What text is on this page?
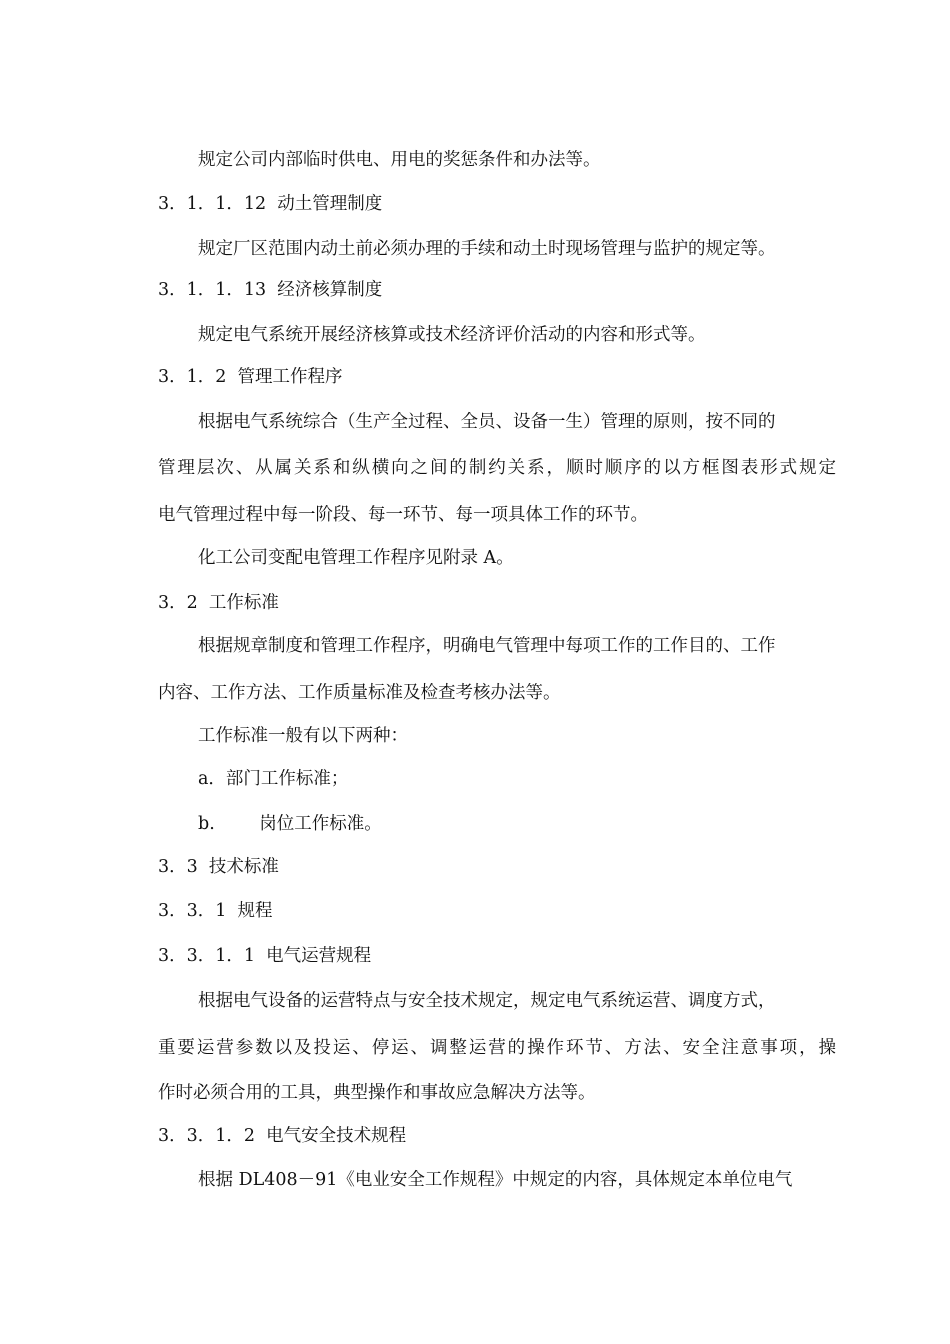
规定公司内部临时供电、用电的奖惩条件和办法等。
3．1．1．12  动土管理制度
规定厂区范围内动土前必须办理的手续和动土时现场管理与监护的规定等。
3．1．1．13  经济核算制度
规定电气系统开展经济核算或技术经济评价活动的内容和形式等。
3．1．2  管理工作程序
根据电气系统综合（生产全过程、全员、设备一生）管理的原则，按不同的
管理层次、从属关系和纵横向之间的制约关系，顺时顺序的以方框图表形式规定
电气管理过程中每一阶段、每一环节、每一项具体工作的环节。
化工公司变配电管理工作程序见附录 A。
3．2  工作标准
根据规章制度和管理工作程序，明确电气管理中每项工作的工作目的、工作
内容、工作方法、工作质量标准及检查考核办法等。
工作标准一般有以下两种：
a．部门工作标准；
b.        岗位工作标准。
3．3  技术标准
3．3．1  规程
3．3．1．1  电气运营规程
根据电气设备的运营特点与安全技术规定，规定电气系统运营、调度方式，
重要运营参数以及投运、停运、调整运营的操作环节、方法、安全注意事项，操
作时必须合用的工具，典型操作和事故应急解决方法等。
3．3．1．2  电气安全技术规程
根据 DL408－91《电业安全工作规程》中规定的内容，具体规定本单位电气
